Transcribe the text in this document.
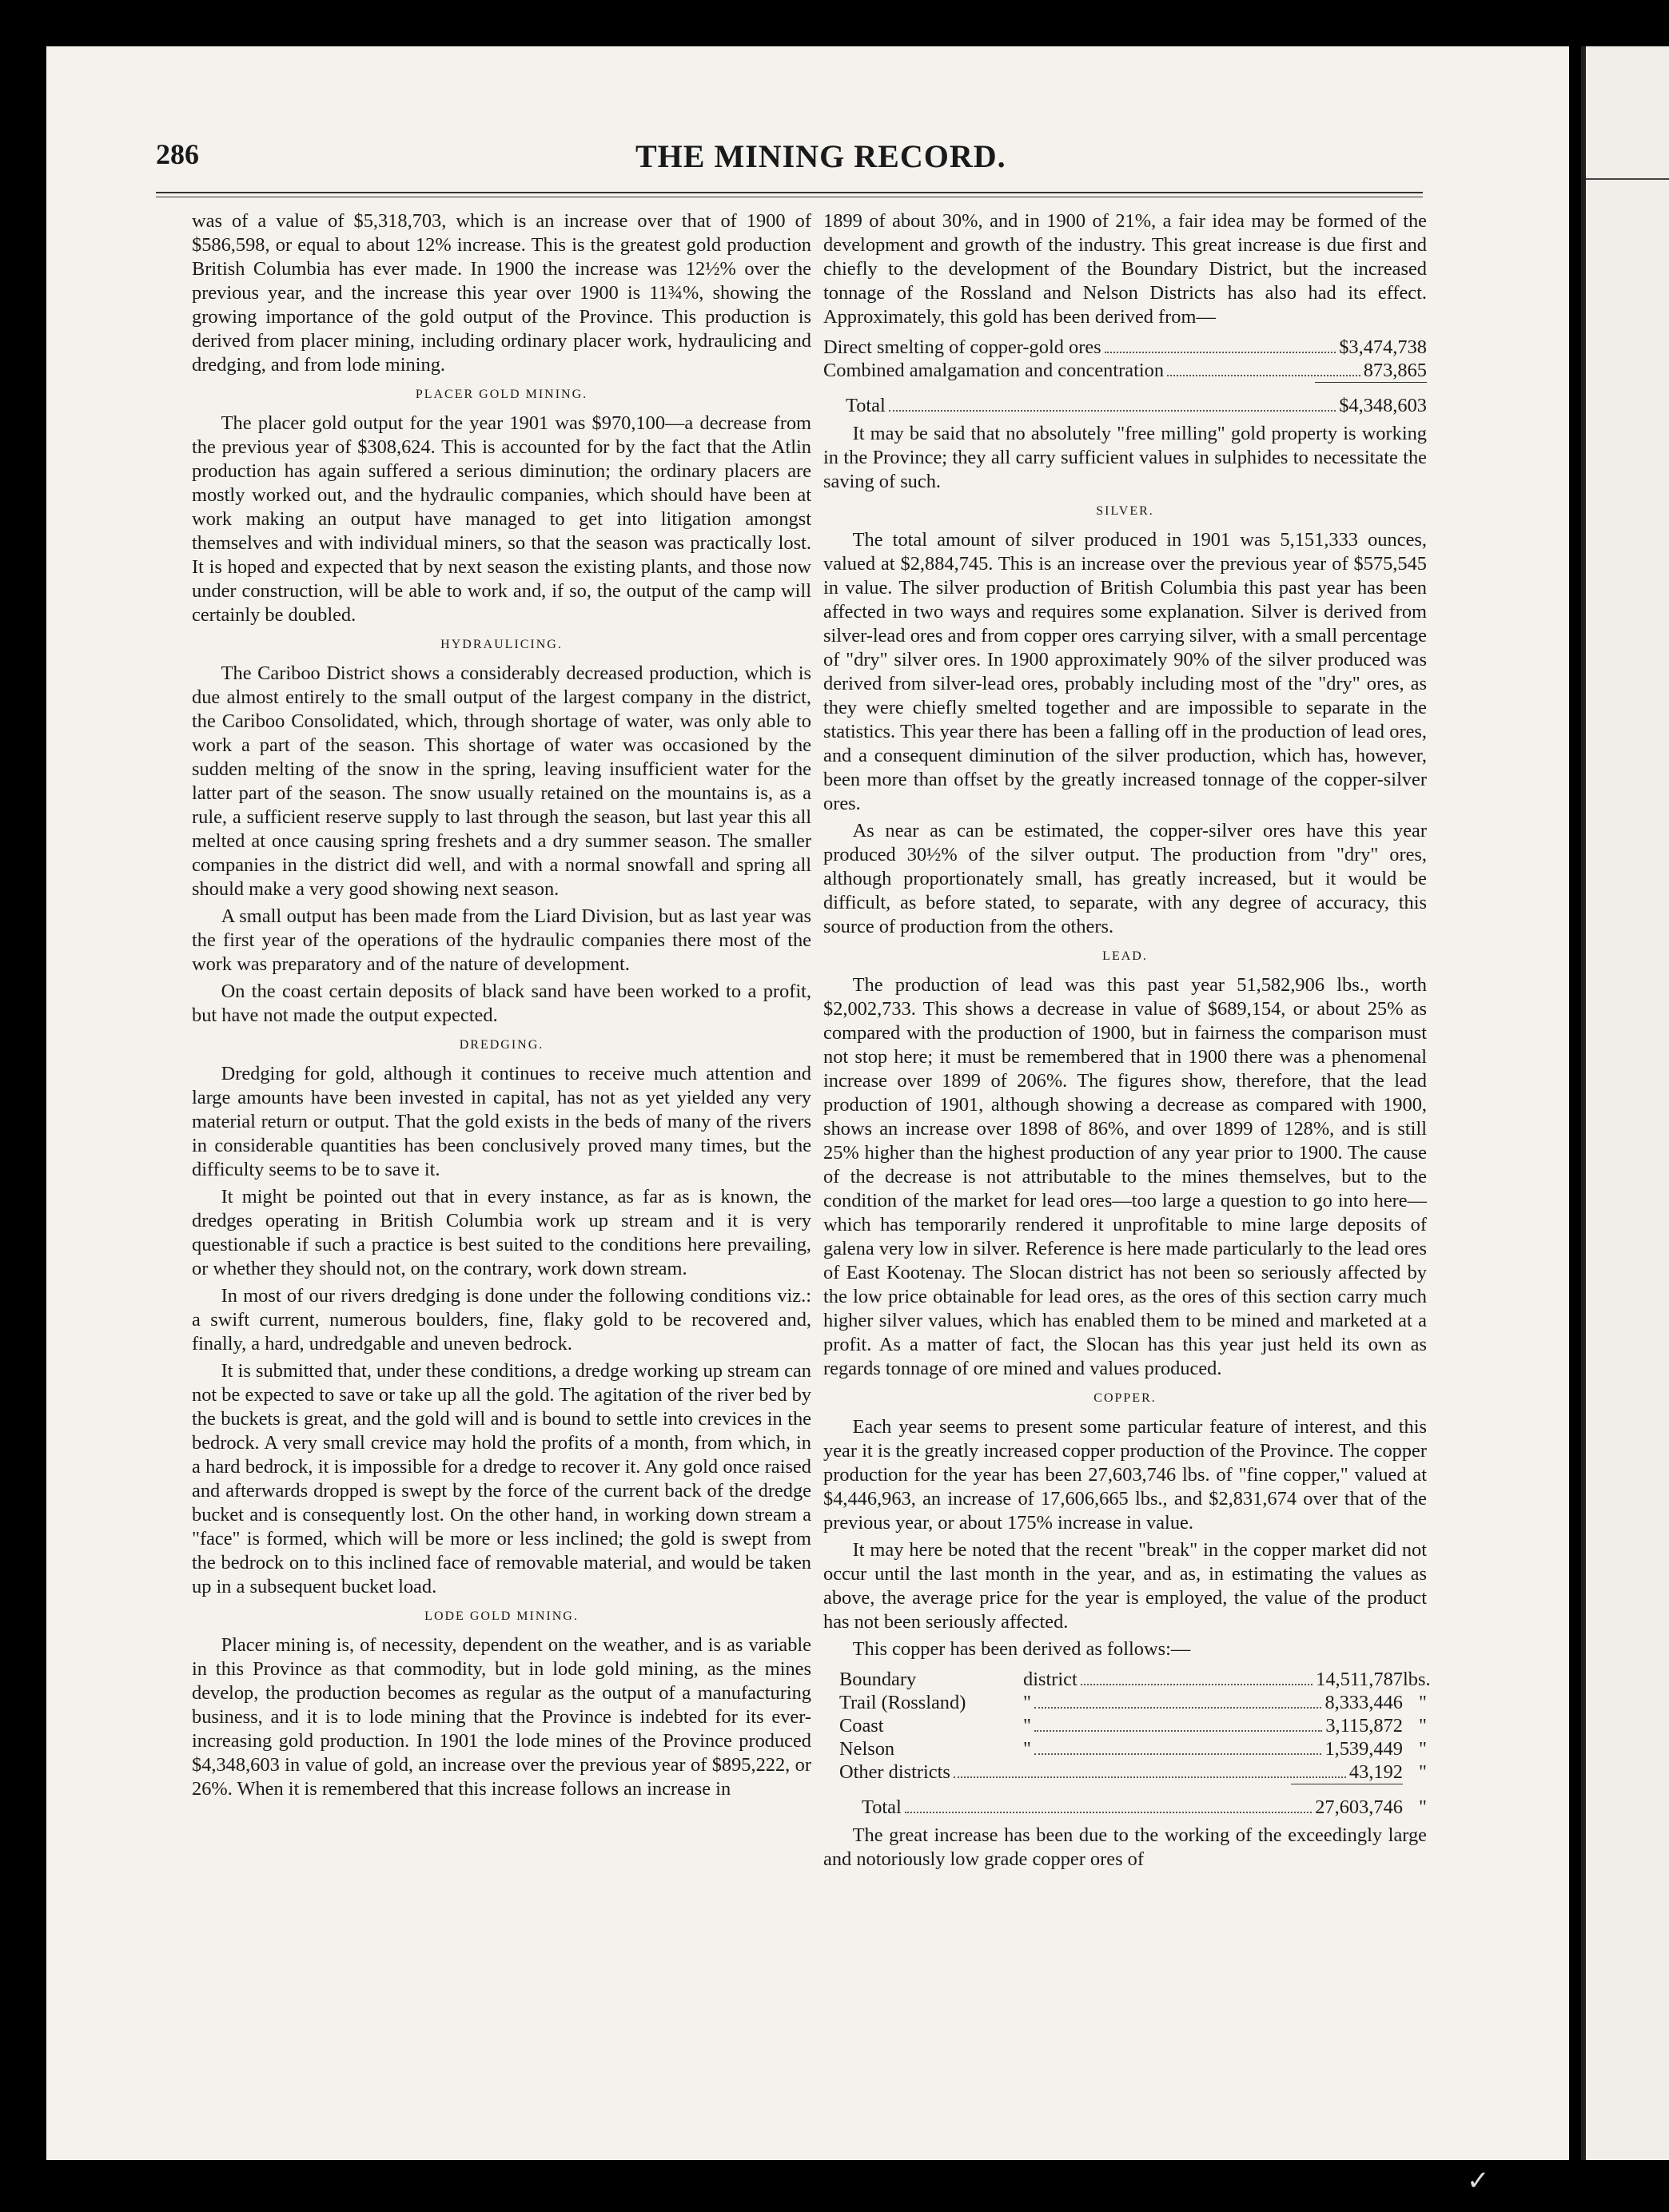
286	THE MINING RECORD.

was of a value of $5,318,703, which is an increase over that of 1900 of $586,598, or equal to about 12% increase. This is the greatest gold production British Columbia has ever made. In 1900 the increase was 12½% over the previous year, and the increase this year over 1900 is 11¾%, showing the growing importance of the gold output of the Province. This production is derived from placer mining, including ordinary placer work, hydraulicing and dredging, and from lode mining.

PLACER GOLD MINING.

The placer gold output for the year 1901 was $970,100—a decrease from the previous year of $308,624. This is accounted for by the fact that the Atlin production has again suffered a serious diminution; the ordinary placers are mostly worked out, and the hydraulic companies, which should have been at work making an output have managed to get into litigation amongst themselves and with individual miners, so that the season was practically lost. It is hoped and expected that by next season the existing plants, and those now under construction, will be able to work and, if so, the output of the camp will certainly be doubled.

HYDRAULICING.

The Cariboo District shows a considerably decreased production, which is due almost entirely to the small output of the largest company in the district, the Cariboo Consolidated, which, through shortage of water, was only able to work a part of the season. This shortage of water was occasioned by the sudden melting of the snow in the spring, leaving insufficient water for the latter part of the season. The snow usually retained on the mountains is, as a rule, a sufficient reserve supply to last through the season, but last year this all melted at once causing spring freshets and a dry summer season. The smaller companies in the district did well, and with a normal snowfall and spring all should make a very good showing next season.

A small output has been made from the Liard Division, but as last year was the first year of the operations of the hydraulic companies there most of the work was preparatory and of the nature of development.

On the coast certain deposits of black sand have been worked to a profit, but have not made the output expected.

DREDGING.

Dredging for gold, although it continues to receive much attention and large amounts have been invested in capital, has not as yet yielded any very material return or output. That the gold exists in the beds of many of the rivers in considerable quantities has been conclusively proved many times, but the difficulty seems to be to save it.

It might be pointed out that in every instance, as far as is known, the dredges operating in British Columbia work up stream and it is very questionable if such a practice is best suited to the conditions here prevailing, or whether they should not, on the contrary, work down stream.

In most of our rivers dredging is done under the following conditions viz.: a swift current, numerous boulders, fine, flaky gold to be recovered and, finally, a hard, undredgable and uneven bedrock.

It is submitted that, under these conditions, a dredge working up stream can not be expected to save or take up all the gold. The agitation of the river bed by the buckets is great, and the gold will and is bound to settle into crevices in the bedrock. A very small crevice may hold the profits of a month, from which, in a hard bedrock, it is impossible for a dredge to recover it. Any gold once raised and afterwards dropped is swept by the force of the current back of the dredge bucket and is consequently lost. On the other hand, in working down stream a "face" is formed, which will be more or less inclined; the gold is swept from the bedrock on to this inclined face of removable material, and would be taken up in a subsequent bucket load.

LODE GOLD MINING.

Placer mining is, of necessity, dependent on the weather, and is as variable in this Province as that commodity, but in lode gold mining, as the mines develop, the production becomes as regular as the output of a manufacturing business, and it is to lode mining that the Province is indebted for its ever-increasing gold production. In 1901 the lode mines of the Province produced $4,348,603 in value of gold, an increase over the previous year of $895,222, or 26%. When it is remembered that this increase follows an increase in

1899 of about 30%, and in 1900 of 21%, a fair idea may be formed of the development and growth of the industry. This great increase is due first and chiefly to the development of the Boundary District, but the increased tonnage of the Rossland and Nelson Districts has also had its effect. Approximately, this gold has been derived from—

Direct smelting of copper-gold ores	$3,474,738
Combined amalgamation and concentration	873,865
Total	$4,348,603

It may be said that no absolutely "free milling" gold property is working in the Province; they all carry sufficient values in sulphides to necessitate the saving of such.

SILVER.

The total amount of silver produced in 1901 was 5,151,333 ounces, valued at $2,884,745. This is an increase over the previous year of $575,545 in value. The silver production of British Columbia this past year has been affected in two ways and requires some explanation. Silver is derived from silver-lead ores and from copper ores carrying silver, with a small percentage of "dry" silver ores. In 1900 approximately 90% of the silver produced was derived from silver-lead ores, probably including most of the "dry" ores, as they were chiefly smelted together and are impossible to separate in the statistics. This year there has been a falling off in the production of lead ores, and a consequent diminution of the silver production, which has, however, been more than offset by the greatly increased tonnage of the copper-silver ores.

As near as can be estimated, the copper-silver ores have this year produced 30½% of the silver output. The production from "dry" ores, although proportionately small, has greatly increased, but it would be difficult, as before stated, to separate, with any degree of accuracy, this source of production from the others.

LEAD.

The production of lead was this past year 51,582,906 lbs., worth $2,002,733. This shows a decrease in value of $689,154, or about 25% as compared with the production of 1900, but in fairness the comparison must not stop here; it must be remembered that in 1900 there was a phenomenal increase over 1899 of 206%. The figures show, therefore, that the lead production of 1901, although showing a decrease as compared with 1900, shows an increase over 1898 of 86%, and over 1899 of 128%, and is still 25% higher than the highest production of any year prior to 1900. The cause of the decrease is not attributable to the mines themselves, but to the condition of the market for lead ores—too large a question to go into here—which has temporarily rendered it unprofitable to mine large deposits of galena very low in silver. Reference is here made particularly to the lead ores of East Kootenay. The Slocan district has not been so seriously affected by the low price obtainable for lead ores, as the ores of this section carry much higher silver values, which has enabled them to be mined and marketed at a profit. As a matter of fact, the Slocan has this year just held its own as regards tonnage of ore mined and values produced.

COPPER.

Each year seems to present some particular feature of interest, and this year it is the greatly increased copper production of the Province. The copper production for the year has been 27,603,746 lbs. of "fine copper," valued at $4,446,963, an increase of 17,606,665 lbs., and $2,831,674 over that of the previous year, or about 175% increase in value.

It may here be noted that the recent "break" in the copper market did not occur until the last month in the year, and as, in estimating the values as above, the average price for the year is employed, the value of the product has not been seriously affected.

This copper has been derived as follows:—

Boundary	district	14,511,787 lbs.
Trail (Rossland)	"	8,333,446 "
Coast	"	3,115,872 "
Nelson	"	1,539,449 "
Other districts	43,192 "
Total	27,603,746 "

The great increase has been due to the working of the exceedingly large and notoriously low grade copper ores of

✓
